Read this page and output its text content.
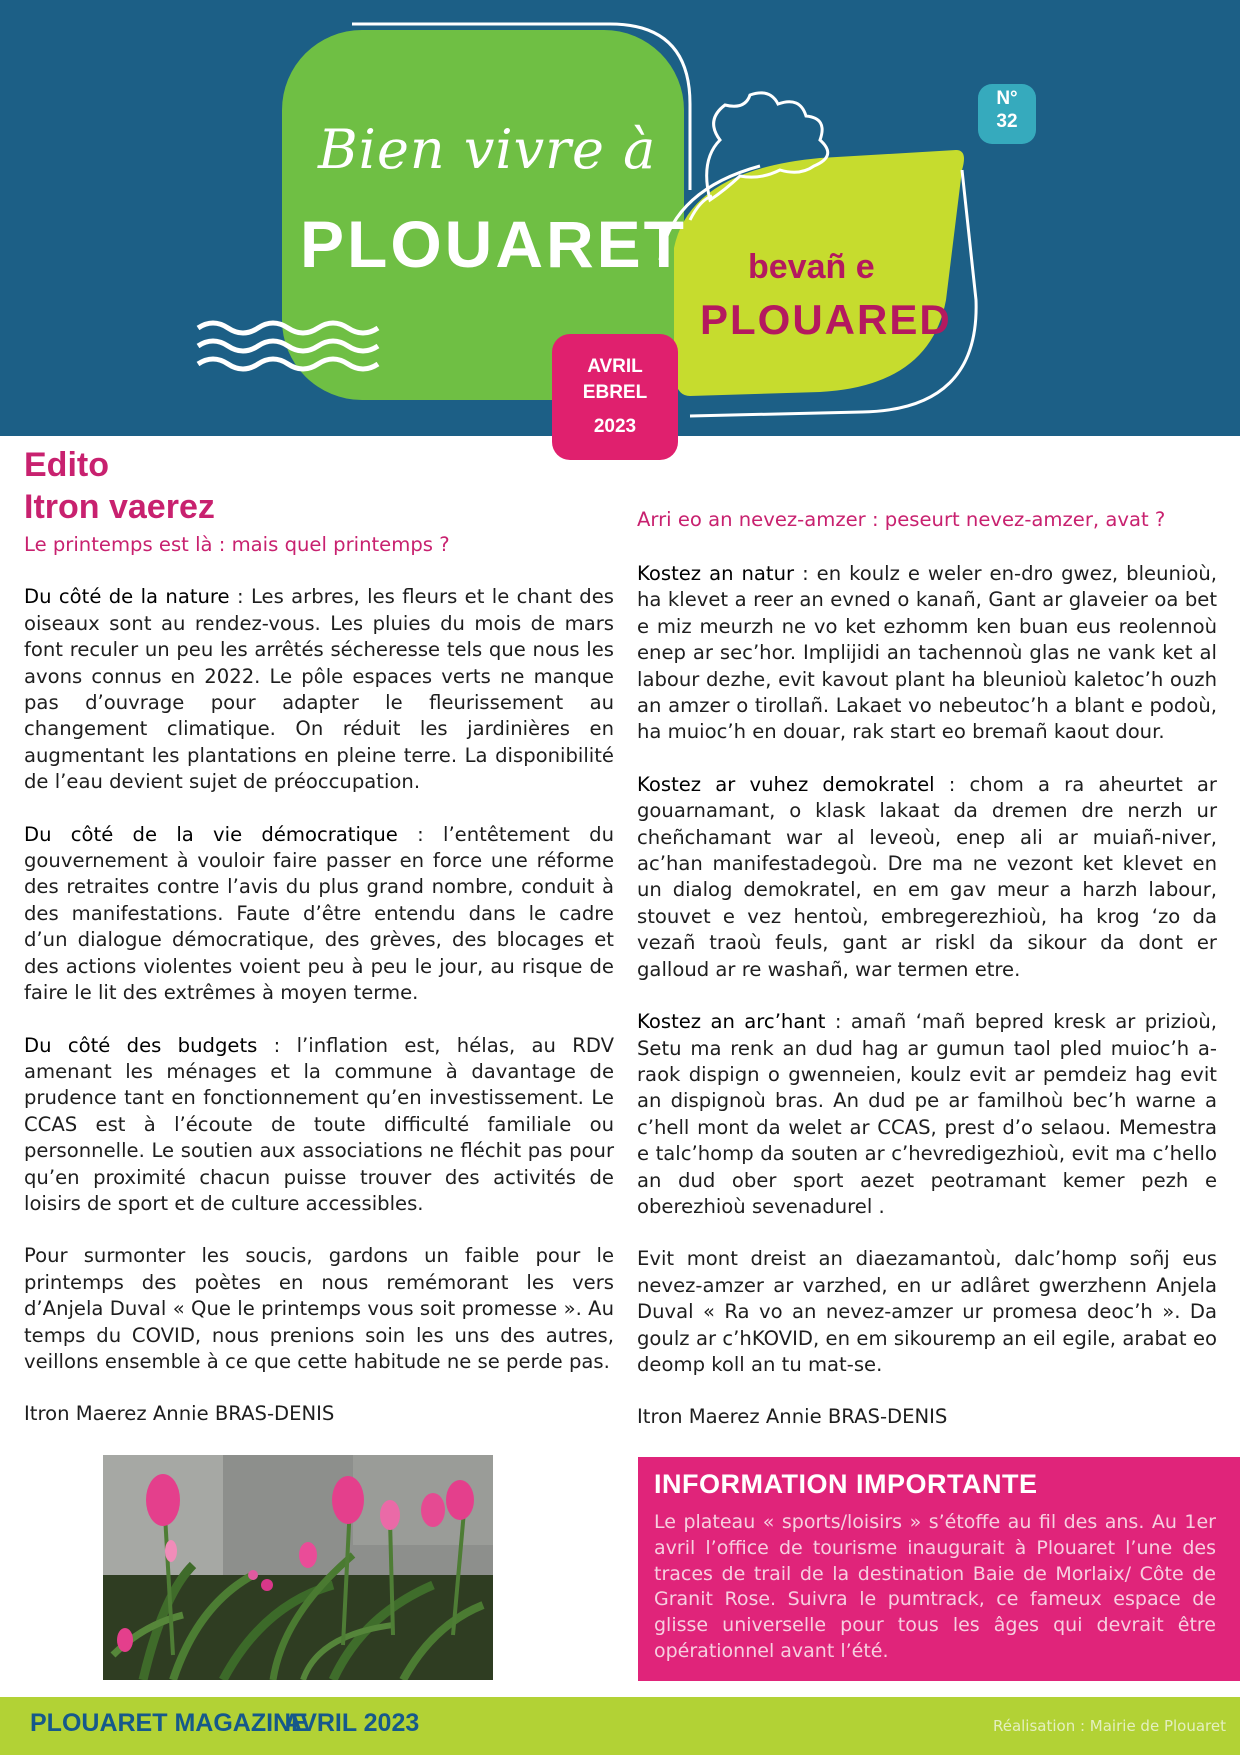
Bien vivre à
PLOUARET bevañ e
PLOUARED
N°
32
AVRIL
EBREL
2023
Edito
Itron vaerez
Le printemps est là : mais quel printemps ?

Du côté de la nature : Les arbres, les fleurs et le chant des oiseaux sont au rendez-vous. Les pluies du mois de mars font reculer un peu les arrêtés sécheresse tels que nous les avons connus en 2022. Le pôle espaces verts ne manque pas d’ouvrage pour adapter le fleurissement au changement climatique. On réduit les jardinières en augmentant les plantations en pleine terre. La disponibilité de l’eau devient sujet de préoccupation.

Du côté de la vie démocratique : l’entêtement du gouvernement à vouloir faire passer en force une réforme des retraites contre l’avis du plus grand nombre, conduit à des manifestations. Faute d’être entendu dans le cadre d’un dialogue démocratique, des grèves, des blocages et des actions violentes voient peu à peu le jour, au risque de faire le lit des extrêmes à moyen terme.

Du côté des budgets : l’inflation est, hélas, au RDV amenant les ménages et la commune à davantage de prudence tant en fonctionnement qu’en investissement. Le CCAS est à l’écoute de toute difficulté familiale ou personnelle. Le soutien aux associations ne fléchit pas pour qu’en proximité chacun puisse trouver des activités de loisirs de sport et de culture accessibles.

Pour surmonter les soucis, gardons un faible pour le printemps des poètes en nous remémorant les vers d’Anjela Duval « Que le printemps vous soit promesse ». Au temps du COVID, nous prenions soin les uns des autres, veillons ensemble à ce que cette habitude ne se perde pas.

Itron Maerez Annie BRAS-DENIS

Arri eo an nevez-amzer : peseurt nevez-amzer, avat ?

Kostez an natur : en koulz e weler en-dro gwez, bleunioù, ha klevet a reer an evned o kanañ, Gant ar glaveier oa bet e miz meurzh ne vo ket ezhomm ken buan eus reolennoù enep ar sec’hor. Implijidi an tachennoù glas ne vank ket al labour dezhe, evit kavout plant ha bleunioù kaletoc’h ouzh an amzer o tirollañ. Lakaet vo nebeutoc’h a blant e podoù, ha muioc’h en douar, rak start eo bremañ kaout dour.

Kostez ar vuhez demokratel : chom a ra aheurtet ar gouarnamant, o klask lakaat da dremen dre nerzh ur cheñchamant war al leveoù, enep ali ar muiañ-niver, ac’han manifestadegoù. Dre ma ne vezont ket klevet en un dialog demokratel, en em gav meur a harzh labour, stouvet e vez hentoù, embregerezhioù, ha krog ‘zo da vezañ traoù feuls, gant ar riskl da sikour da dont er galloud ar re washañ, war termen etre.

Kostez an arc’hant : amañ ‘mañ bepred kresk ar prizioù, Setu ma renk an dud hag ar gumun taol pled muioc’h a-raok dispign o gwenneien, koulz evit ar pemdeiz hag evit an dispignoù bras. An dud pe ar familhoù bec’h warne a c’hell mont da welet ar CCAS, prest d’o selaou. Memestra e talc’homp da souten ar c’hevredigezhioù, evit ma c’hello an dud ober sport aezet peotramant kemer pezh e oberezhioù sevenadurel .

Evit mont dreist an diaezamantoù, dalc’homp soñj eus nevez-amzer ar varzhed, en ur adlâret gwerzhenn Anjela Duval « Ra vo an nevez-amzer ur promesa deoc’h ». Da goulz ar c’hKOVID, en em sikouremp an eil egile, arabat eo deomp koll an tu mat-se.

Itron Maerez Annie BRAS-DENIS

INFORMATION IMPORTANTE

Le plateau « sports/loisirs » s’étoffe au fil des ans. Au 1er avril l’office de tourisme inaugurait à Plouaret l’une des traces de trail de la destination Baie de Morlaix/ Côte de Granit Rose. Suivra le pumtrack, ce fameux espace de glisse universelle pour tous les âges qui devrait être opérationnel avant l’été.

PLOUARET MAGAZINE
AVRIL 2023	Réalisation : Mairie de Plouaret
